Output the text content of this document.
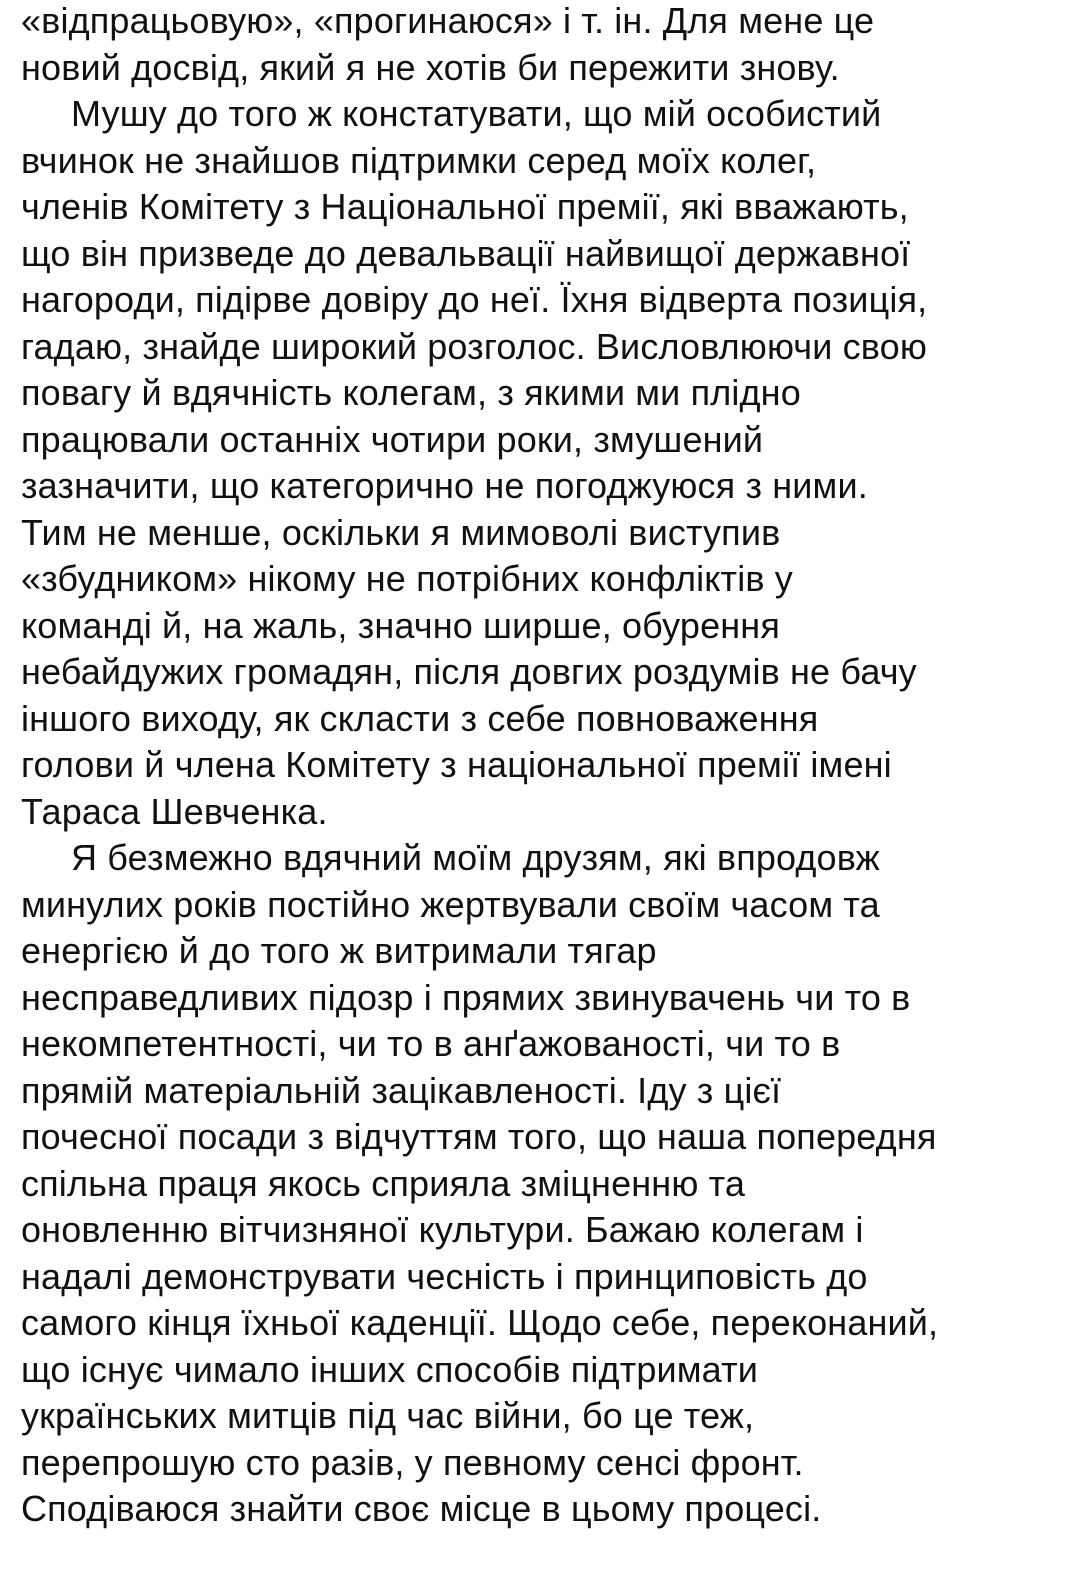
«відпрацьовую», «прогинаюся» і т. ін. Для мене це
новий досвід, який я не хотів би пережити знову.
Мушу до того ж констатувати, що мій особистий
вчинок не знайшов підтримки серед моїх колег,
членів Комітету з Національної премії, які вважають,
що він призведе до девальвації найвищої державної
нагороди, підірве довіру до неї. Їхня відверта позиція,
гадаю, знайде широкий розголос. Висловлюючи свою
повагу й вдячність колегам, з якими ми плідно
працювали останніх чотири роки, змушений
зазначити, що категорично не погоджуюся з ними.
Тим не менше, оскільки я мимоволі виступив
«збудником» нікому не потрібних конфліктів у
команді й, на жаль, значно ширше, обурення
небайдужих громадян, після довгих роздумів не бачу
іншого виходу, як скласти з себе повноваження
голови й члена Комітету з національної премії імені
Тараса Шевченка.
Я безмежно вдячний моїм друзям, які впродовж
минулих років постійно жертвували своїм часом та
енергією й до того ж витримали тягар
несправедливих підозр і прямих звинувачень чи то в
некомпетентності, чи то в анґажованості, чи то в
прямій матеріальній зацікавленості. Іду з цієї
почесної посади з відчуттям того, що наша попередня
спільна праця якось сприяла зміцненню та
оновленню вітчизняної культури. Бажаю колегам і
надалі демонструвати чесність і принциповість до
самого кінця їхньої каденції. Щодо себе, переконаний,
що існує чимало інших способів підтримати
українських митців під час війни, бо це теж,
перепрошую сто разів, у певному сенсі фронт.
Сподіваюся знайти своє місце в цьому процесі.
